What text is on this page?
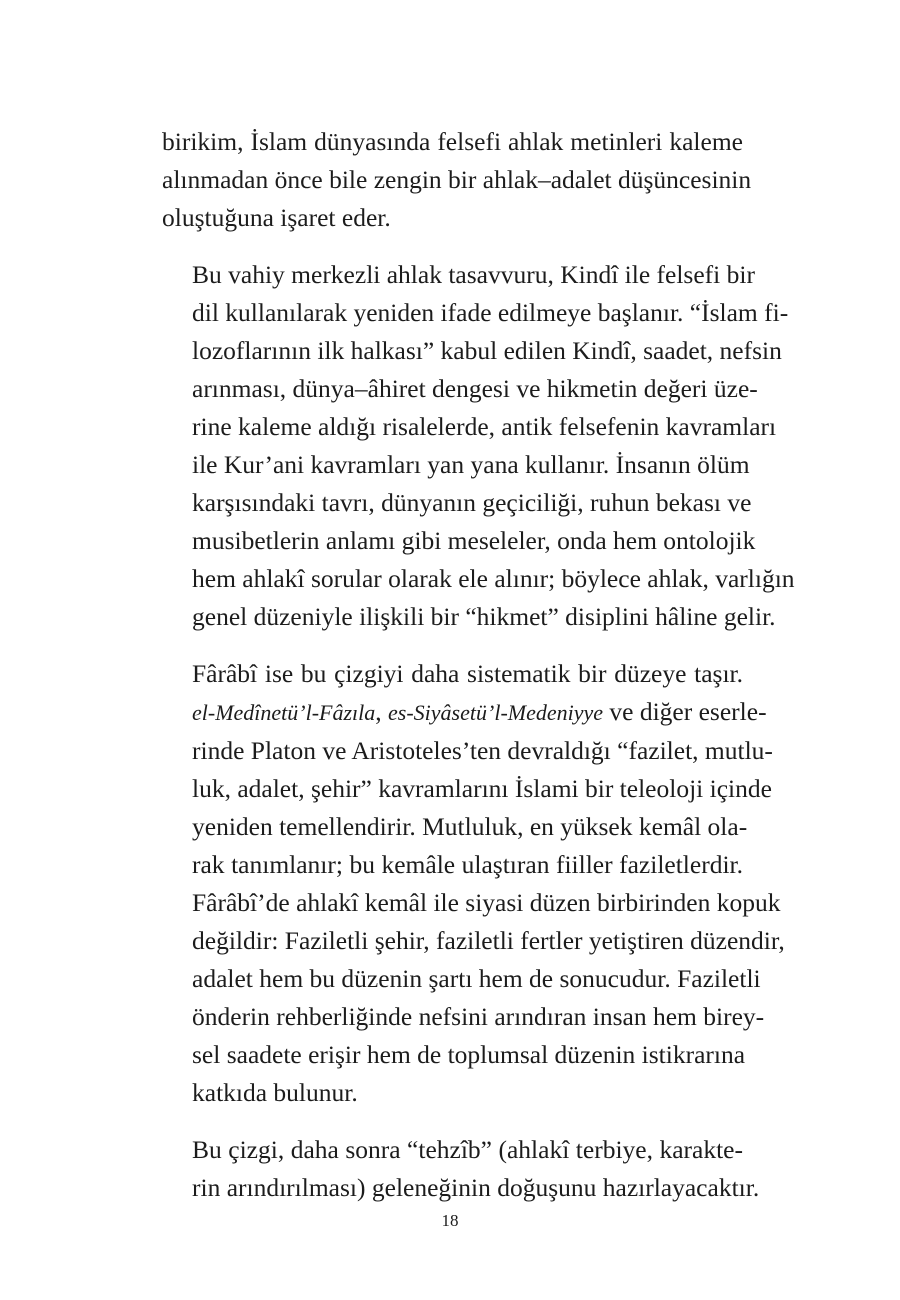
birikim, İslam dünyasında felsefi ahlak metinleri kaleme
alınmadan önce bile zengin bir ahlak–adalet düşüncesinin
oluştuğuna işaret eder.

Bu vahiy merkezli ahlak tasavvuru, Kindî ile felsefi bir
dil kullanılarak yeniden ifade edilmeye başlanır. “İslam fi-
lozoflarının ilk halkası” kabul edilen Kindî, saadet, nefsin
arınması, dünya–âhiret dengesi ve hikmetin değeri üze-
rine kaleme aldığı risalelerde, antik felsefenin kavramları
ile Kur’ani kavramları yan yana kullanır. İnsanın ölüm
karşısındaki tavrı, dünyanın geçiciliği, ruhun bekası ve
musibetlerin anlamı gibi meseleler, onda hem ontolojik
hem ahlakî sorular olarak ele alınır; böylece ahlak, varlığın
genel düzeniyle ilişkili bir “hikmet” disiplini hâline gelir.

Fârâbî ise bu çizgiyi daha sistematik bir düzeye taşır.
el-Medînetü’l-Fâzıla, es-Siyâsetü’l-Medeniyye ve diğer eserle-
rinde Platon ve Aristoteles’ten devraldığı “fazilet, mutlu-
luk, adalet, şehir” kavramlarını İslami bir teleoloji içinde
yeniden temellendirir. Mutluluk, en yüksek kemâl ola-
rak tanımlanır; bu kemâle ulaştıran fiiller faziletlerdir.
Fârâbî’de ahlakî kemâl ile siyasi düzen birbirinden kopuk
değildir: Faziletli şehir, faziletli fertler yetiştiren düzendir,
adalet hem bu düzenin şartı hem de sonucudur. Faziletli
önderin rehberliğinde nefsini arındıran insan hem birey-
sel saadete erişir hem de toplumsal düzenin istikrarına
katkıda bulunur.

Bu çizgi, daha sonra “tehzîb” (ahlakî terbiye, karakte-
rin arındırılması) geleneğinin doğuşunu hazırlayacaktır.

18
